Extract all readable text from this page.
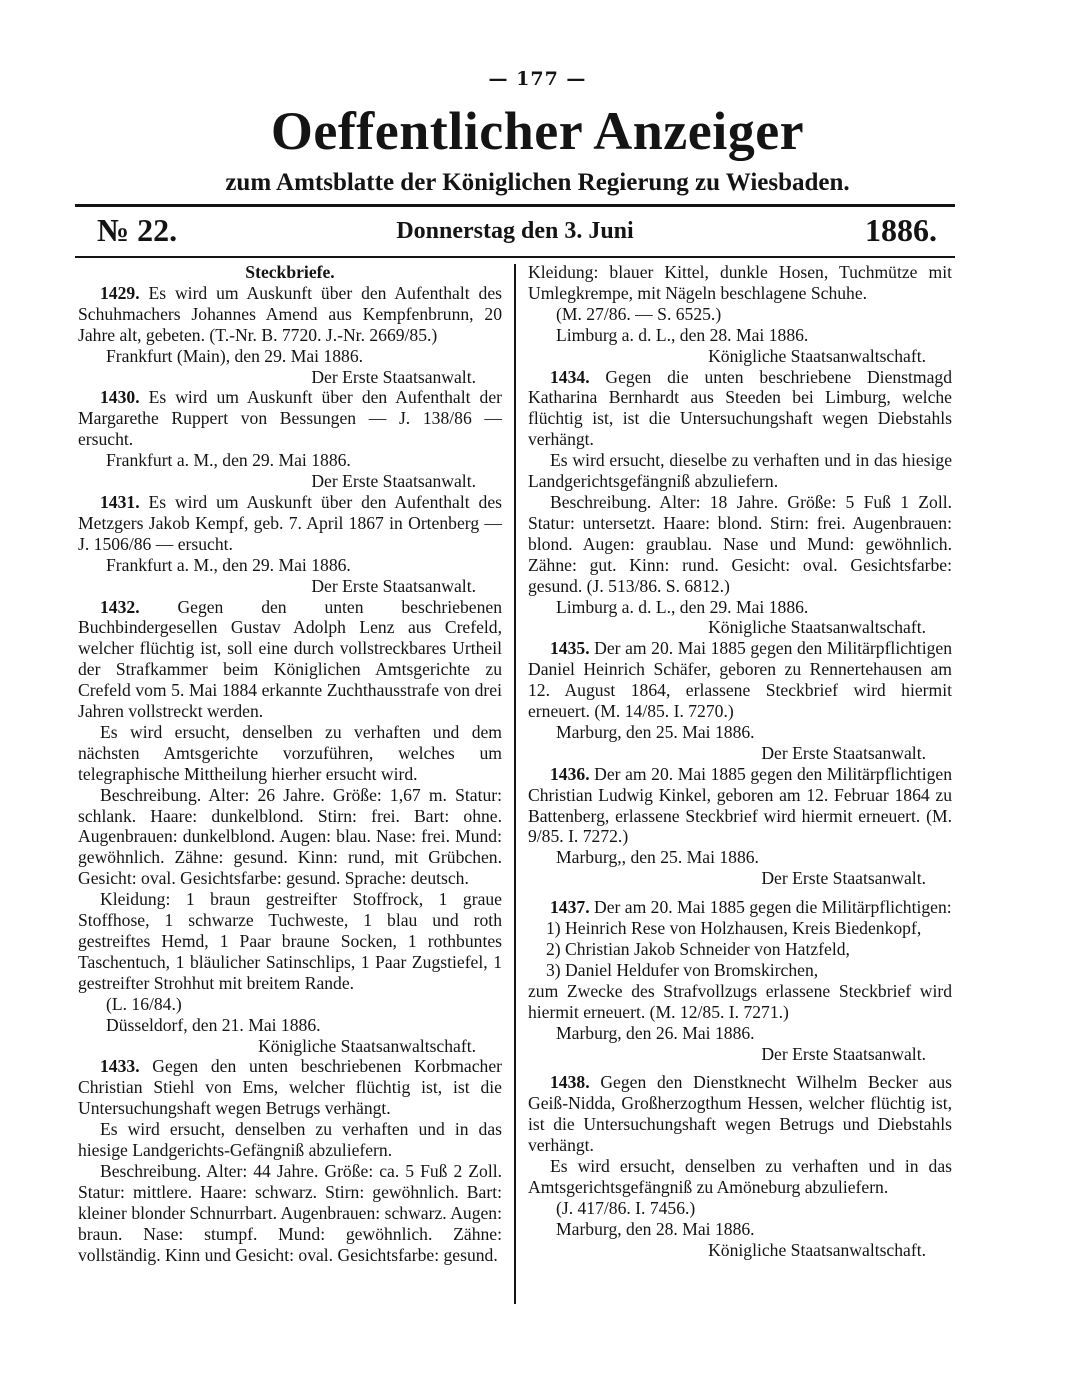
— 177 —
Oeffentlicher Anzeiger
zum Amtsblatte der Königlichen Regierung zu Wiesbaden.
№ 22.	Donnerstag den 3. Juni	1886.

Steckbriefe.

1429. Es wird um Auskunft über den Aufenthalt des Schuhmachers Johannes Amend aus Kempfenbrunn, 20 Jahre alt, gebeten. (T.-Nr. B. 7720. J.-Nr. 2669/85.)

Frankfurt (Main), den 29. Mai 1886.

Der Erste Staatsanwalt.

1430. Es wird um Auskunft über den Aufenthalt der Margarethe Ruppert von Bessungen — J. 138/86 — ersucht.

Frankfurt a. M., den 29. Mai 1886.

Der Erste Staatsanwalt.

1431. Es wird um Auskunft über den Aufenthalt des Metzgers Jakob Kempf, geb. 7. April 1867 in Ortenberg — J. 1506/86 — ersucht.

Frankfurt a. M., den 29. Mai 1886.

Der Erste Staatsanwalt.

1432. Gegen den unten beschriebenen Buchbindergesellen Gustav Adolph Lenz aus Crefeld, welcher flüchtig ist, soll eine durch vollstreckbares Urtheil der Strafkammer beim Königlichen Amtsgerichte zu Crefeld vom 5. Mai 1884 erkannte Zuchthausstrafe von drei Jahren vollstreckt werden.

Es wird ersucht, denselben zu verhaften und dem nächsten Amtsgerichte vorzuführen, welches um telegraphische Mittheilung hierher ersucht wird.

Beschreibung. Alter: 26 Jahre. Größe: 1,67 m. Statur: schlank. Haare: dunkelblond. Stirn: frei. Bart: ohne. Augenbrauen: dunkelblond. Augen: blau. Nase: frei. Mund: gewöhnlich. Zähne: gesund. Kinn: rund, mit Grübchen. Gesicht: oval. Gesichtsfarbe: gesund. Sprache: deutsch.

Kleidung: 1 braun gestreifter Stoffrock, 1 graue Stoffhose, 1 schwarze Tuchweste, 1 blau und roth gestreiftes Hemd, 1 Paar braune Socken, 1 rothbuntes Taschentuch, 1 bläulicher Satinschlips, 1 Paar Zugstiefel, 1 gestreifter Strohhut mit breitem Rande.

(L. 16/84.)

Düsseldorf, den 21. Mai 1886.

Königliche Staatsanwaltschaft.

1433. Gegen den unten beschriebenen Korbmacher Christian Stiehl von Ems, welcher flüchtig ist, ist die Untersuchungshaft wegen Betrugs verhängt.

Es wird ersucht, denselben zu verhaften und in das hiesige Landgerichts-Gefängniß abzuliefern.

Beschreibung. Alter: 44 Jahre. Größe: ca. 5 Fuß 2 Zoll. Statur: mittlere. Haare: schwarz. Stirn: gewöhnlich. Bart: kleiner blonder Schnurrbart. Augenbrauen: schwarz. Augen: braun. Nase: stumpf. Mund: gewöhnlich. Zähne: vollständig. Kinn und Gesicht: oval. Gesichtsfarbe: gesund.

Kleidung: blauer Kittel, dunkle Hosen, Tuchmütze mit Umlegkrempe, mit Nägeln beschlagene Schuhe.

(M. 27/86. — S. 6525.)

Limburg a. d. L., den 28. Mai 1886.

Königliche Staatsanwaltschaft.

1434. Gegen die unten beschriebene Dienstmagd Katharina Bernhardt aus Steeden bei Limburg, welche flüchtig ist, ist die Untersuchungshaft wegen Diebstahls verhängt.

Es wird ersucht, dieselbe zu verhaften und in das hiesige Landgerichtsgefängniß abzuliefern.

Beschreibung. Alter: 18 Jahre. Größe: 5 Fuß 1 Zoll. Statur: untersetzt. Haare: blond. Stirn: frei. Augenbrauen: blond. Augen: graublau. Nase und Mund: gewöhnlich. Zähne: gut. Kinn: rund. Gesicht: oval. Gesichtsfarbe: gesund. (J. 513/86. S. 6812.)

Limburg a. d. L., den 29. Mai 1886.

Königliche Staatsanwaltschaft.

1435. Der am 20. Mai 1885 gegen den Militärpflichtigen Daniel Heinrich Schäfer, geboren zu Rennertehausen am 12. August 1864, erlassene Steckbrief wird hiermit erneuert. (M. 14/85. I. 7270.)

Marburg, den 25. Mai 1886.

Der Erste Staatsanwalt.

1436. Der am 20. Mai 1885 gegen den Militärpflichtigen Christian Ludwig Kinkel, geboren am 12. Februar 1864 zu Battenberg, erlassene Steckbrief wird hiermit erneuert. (M. 9/85. I. 7272.)

Marburg,, den 25. Mai 1886.

Der Erste Staatsanwalt.

1437. Der am 20. Mai 1885 gegen die Militärpflichtigen:

1) Heinrich Rese von Holzhausen, Kreis Biedenkopf,

2) Christian Jakob Schneider von Hatzfeld,

3) Daniel Heldufer von Bromskirchen,

zum Zwecke des Strafvollzugs erlassene Steckbrief wird hiermit erneuert. (M. 12/85. I. 7271.)

Marburg, den 26. Mai 1886.

Der Erste Staatsanwalt.

1438. Gegen den Dienstknecht Wilhelm Becker aus Geiß-Nidda, Großherzogthum Hessen, welcher flüchtig ist, ist die Untersuchungshaft wegen Betrugs und Diebstahls verhängt.

Es wird ersucht, denselben zu verhaften und in das Amtsgerichtsgefängniß zu Amöneburg abzuliefern.

(J. 417/86. I. 7456.)

Marburg, den 28. Mai 1886.

Königliche Staatsanwaltschaft.
